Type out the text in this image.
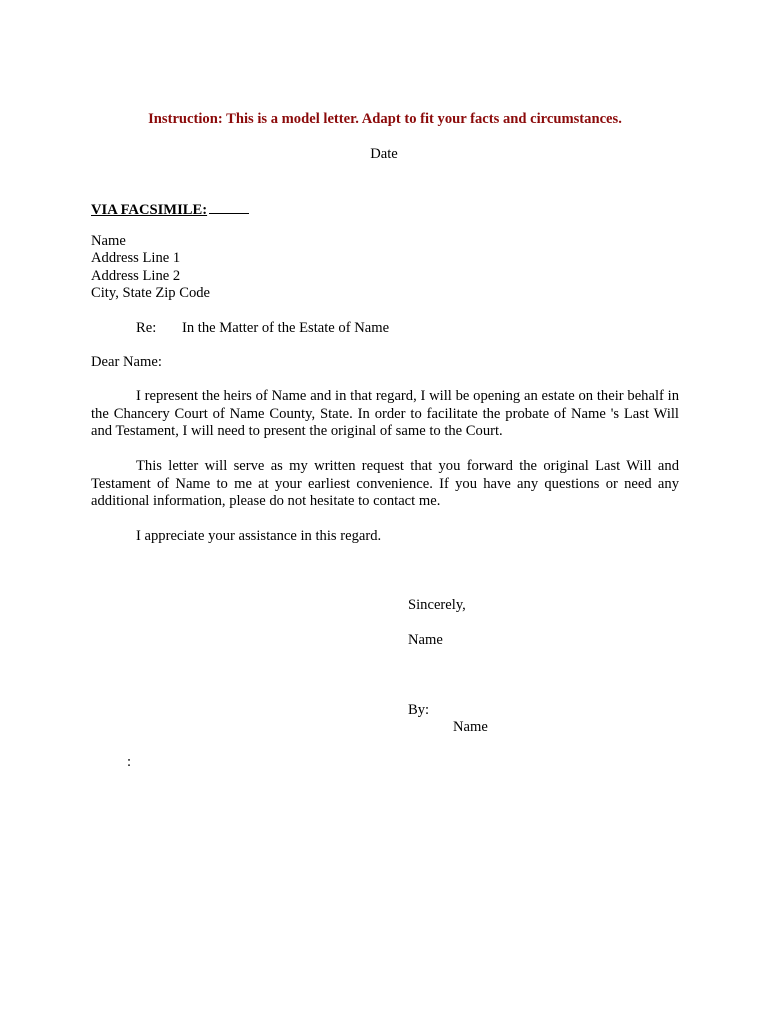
Instruction: This is a model letter. Adapt to fit your facts and circumstances.
Date
VIA FACSIMILE:
Name
Address Line 1
Address Line 2
City, State Zip Code
Re: In the Matter of the Estate of Name
Dear Name:
I represent the heirs of Name and in that regard, I will be opening an estate on their behalf in the Chancery Court of Name County, State. In order to facilitate the probate of Name 's Last Will and Testament, I will need to present the original of same to the Court.
This letter will serve as my written request that you forward the original Last Will and Testament of Name to me at your earliest convenience. If you have any questions or need any additional information, please do not hesitate to contact me.
I appreciate your assistance in this regard.
Sincerely,
Name
By:
Name
:
